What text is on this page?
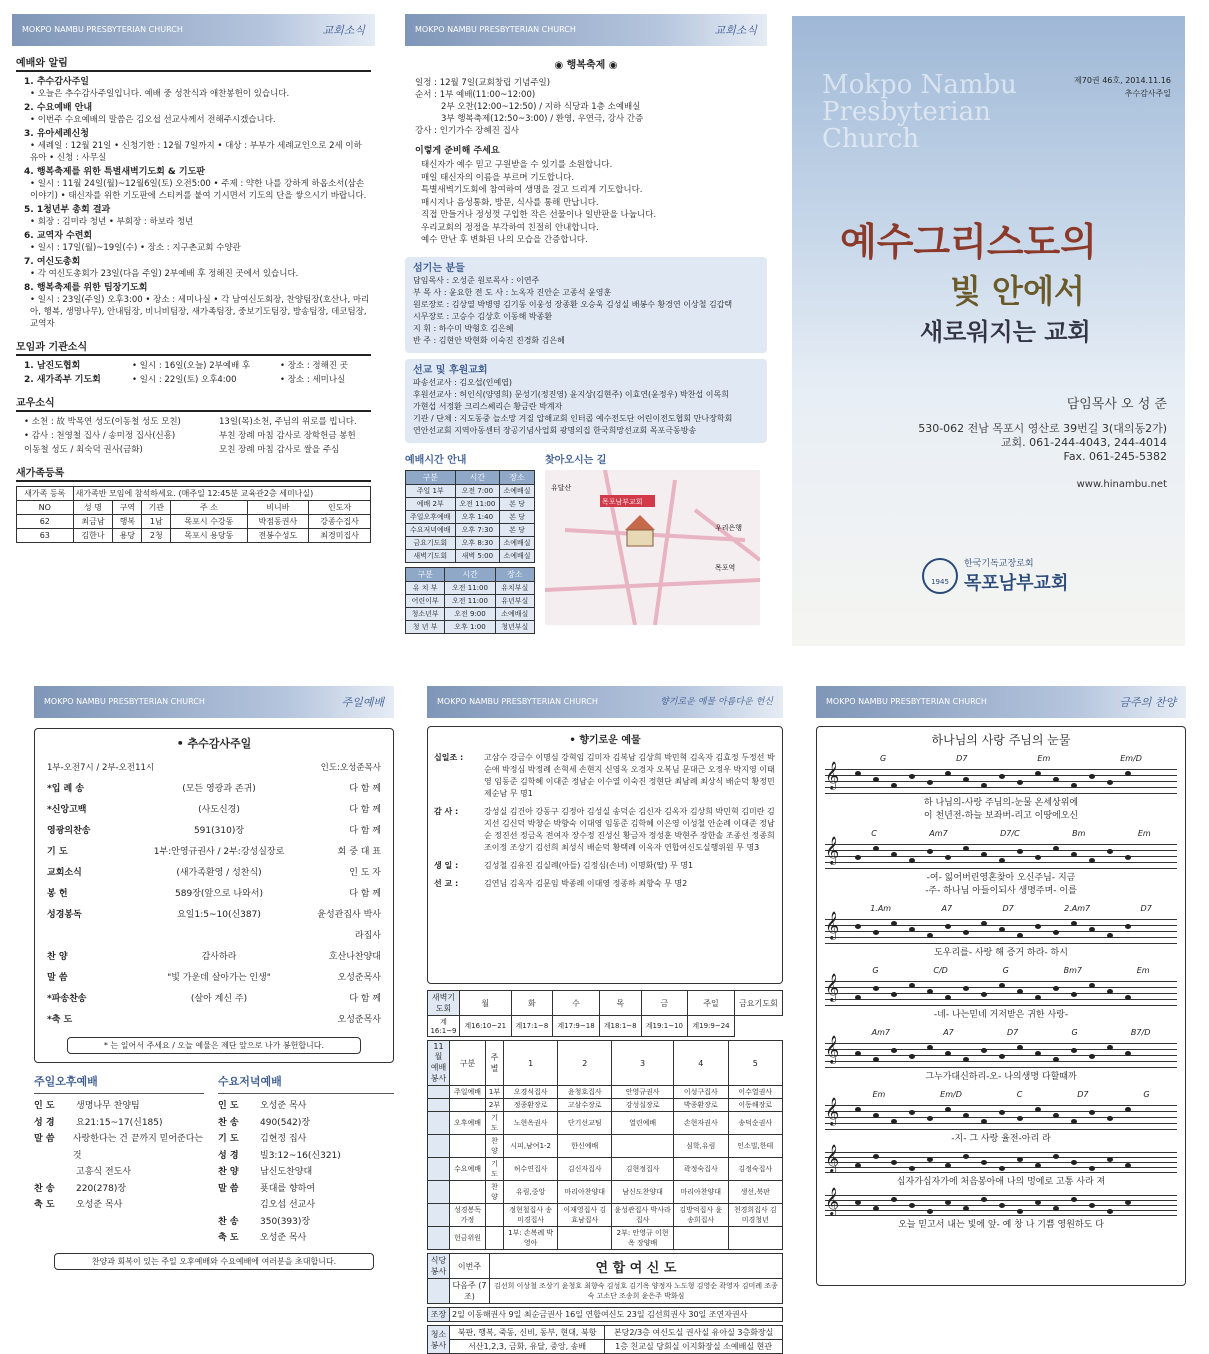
MOKPO NAMBU PRESBYTERIAN CHURCH	교회소식
예배와 알림
1. 추수감사주일
• 오늘은 추수감사주일입니다. 예배 중 성찬식과 애찬봉헌이 있습니다.
2. 수요예배 안내
• 이번주 수요예배의 말씀은 김오섭 선교사께서 전해주시겠습니다.
3. 유아세례신청
• 세례일 : 12월 21일 • 신청기한 : 12월 7일까지 • 대상 : 부부가 세례교인으로 2세 이하 유아 • 신청 : 사무실
4. 행복축제를 위한 특별새벽기도회 & 기도판
• 일시 : 11월 24일(월)~12월6일(토) 오전5:00 • 주제 : 약한 나를 강하게 하옵소서(삼손이야기) • 태신자를 위한 기도판에 스티커를 붙여 기시면서 기도의 단을 쌓으시기 바랍니다.
5. 1청년부 총회 결과
• 회장 : 김미라 청년 • 부회장 : 하보라 청년
6. 교역자 수련회
• 일시 : 17일(월)~19일(수) • 장소 : 지구촌교회 수양관
7. 여신도총회
• 각 여신도총회가 23일(다음 주일) 2부예배 후 정해진 곳에서 있습니다.
8. 행복축제를 위한 팀장기도회
• 일시 : 23일(주일) 오후3:00 • 장소 : 세미나실 • 각 남여신도회장, 찬양팀장(호산나, 마리아, 행복, 생명나무), 안내팀장, 비니비팀장, 새가족팀장, 중보기도팀장, 방송팀장, 데코팀장, 교역자
모임과 기관소식
1. 남진도협회	• 일시 : 16일(오늘) 2부예배 후	• 장소 : 정해진 곳
2. 새가족부 기도회	• 일시 : 22일(토) 오후4:00	• 장소 : 세미나실
교우소식
• 소천 : 故 박목연 성도(이동철 성도 모친)	13일(목)소천, 주님의 위로를 빕니다.
• 감사 : 천영철 집사 / 송미정 집사(신흥)	부친 장례 마침 감사로 장학헌금 봉헌
이동철 성도 / 최숙덕 권사(금화)	모친 장례 마침 감사로 쌀을 주심
새가족등록
새가족 등록	새가족반 모임에 참석하세요. (매주일 12:45분 교육관2층 세미나실)					
NO	성 명	구역	기관	주 소	비니바	인도자
62	최금남	행복	1남	목포시 수강동	박점동권사	강종수집사
63	김한나	용당	2청	목포시 용당동	전봉수성도	최경미집사
MOKPO NAMBU PRESBYTERIAN CHURCH	교회소식
◉ 행복축제 ◉
일정 : 12월 7일(교회창립 기념주일)
순서 : 1부 예배(11:00~12:00)
2부 오찬(12:00~12:50) / 지하 식당과 1층 소예배실
3부 행복축제(12:50~3:00) / 환영, 우연극, 강사 간증
강사 : 인기가수 장혜진 집사
이렇게 준비해 주세요
태신자가 예수 믿고 구원받을 수 있기를 소원합니다.
매일 태신자의 이름을 부르며 기도합니다.
특별새벽기도회에 참여하여 생명을 걸고 드리게 기도합니다.
매시지나 음성통화, 방문, 식사를 통해 만납니다.
직접 만들거나 정성껏 구입한 작은 선물이나 일반판을 나눕니다.
우리교회의 정정을 부각하여 친절히 안내합니다.
예수 만난 후 변화된 나의 모습을 간증합니다.
섬기는 분들
담임목사 : 오성준 원로목사 : 이연주
부 목 사 : 윤요한 전 도 사 : 노옥자 진안순 고종석 윤영훈
원로장로 : 김상열 박병영 김기동 이웅성 장종환 오승욱 김성실 배봉수 황경연 이상철 김갑택
시무장로 : 고승수 김상호 이동해 박종환
지 휘 : 하수미 박형호 김은혜
반 주 : 김현안 박현화 이숙진 진경화 김은혜
선교 및 후원교회
파송선교사 : 김오섭(인예엽)
후원선교사 : 허인식(양영희) 문성기(정진영) 윤지상(김현주) 이효연(윤정우) 박찬섭 이목희
가현섭 서정환 크리스쎄리슨 황금란 박계자
기관 / 단체 : 지도동중 늘소망 겨질 압해교회 인터콥 예수전도단 어린이전도협회 만나장학회
연안선교회 지역아동센터 장공기념사업회 광명의집 한국희망선교회 목포극동방송
예배시간 안내
구분	시간	장소
주일 1부	오전 7:00	소예배실
예배 2부	오전 11:00	본 당
주일오후예배	오후 1:40	본 당
수요저녁예배	오후 7:30	본 당
금요기도회	오후 8:30	소예배실
새벽기도회	새벽 5:00	소예배실
구분	시간	장소
유 치 부	오전 11:00	유치부실
어린이부	오전 11:00	유년부실
청소년부	오전 9:00	소예배실
청 년 부	오후 1:00	청년부실
찾아오시는 길
목포남부교회
유달산
우리은행
목포역
Mokpo Nambu Presbyterian Church
제70권 46호, 2014.11.16
추수감사주일
예수그리스도의
빛 안에서
새로워지는 교회
담임목사 오 성 준
530-062 전남 목포시 영산로 39번길 3(대의동2가)
교회. 061-244-4043, 244-4014
Fax. 061-245-5382
www.hinambu.net
1945
한국기독교장로회
목포남부교회
MOKPO NAMBU PRESBYTERIAN CHURCH	주일예배
• 추수감사주일
1부-오전7시 / 2부-오전11시	인도:오성준목사
*입 례 송	(모든 영광과 존귀)	다 함 께
*신앙고백	(사도신경)	다 함 께
영광의찬송	591(310)장	다 함 께
기 도	1부:안영규권사 / 2부:강성실장로	회 중 대 표
교회소식	(새가족환영 / 성찬식)	인 도 자
봉 헌	589장(앞으로 나와서)	다 함 께
성경봉독	요일1:5~10(신387)	윤성관집사 박사라집사
찬 양	감사하라	호산나찬양대
말 씀	"빛 가운데 살아가는 인생"	오성준목사
*파송찬송	(살아 계신 주)	다 함 께
*축 도	오성준목사
* 는 일어서 주세요 / 오늘 예물은 제단 앞으로 나가 봉헌합니다.
주일오후예배
인 도	생명나무 찬양팀
성 경	요21:15~17(신185)
말 씀	사랑한다는 건 끝까지 믿어준다는 것
고흥식 전도사
찬 송	220(278)장
축 도	오성준 목사
수요저녁예배
인 도	오성준 목사
찬 송	490(542)장
기 도	김현정 집사
성 경	빌3:12~16(신321)
찬 양	남신도찬양대
말 씀	푯대를 향하여
김오섭 선교사
찬 송	350(393)장
축 도	오성준 목사
찬양과 회복이 있는 주일 오후예배와 수요예배에 여러분을 초대합니다.
MOKPO NAMBU PRESBYTERIAN CHURCH	향기로운 예물 아름다운 헌신
• 향기로운 예물
십일조 :	고삼수 강금수 이명심 강혁임 김미자 김복남 김상희 박민혁 김옥자 김효정 두정선 박순애 박정심 박정례 손혁세 손현지 신영옥 오경자 오복님 문대근 오정우 박지영 이태영 임동준 김학혜 이대준 정남순 이수열 이숙진 정현단 최남례 최상식 배순덕 황정민 제순남 무 명1
감 사 :	강성실 김건아 강동구 김정아 김성실 송덕순 김신자 김옥자 김상희 박민혁 김미란 김지선 김신덕 박창순 박향숙 이대영 임동준 김학혜 이은영 이성철 안순례 이대준 정남순 정진선 정금옥 전여자 장수정 진성신 황금자 정성훈 박현주 장한솔 조종선 정종희 조이정 조상기 김선희 최성식 배순덕 황택례 이옥자 연합여신도실행위원 무 명3
생 일 :	김성철 김유진 김실례(아들) 김정심(손녀) 이명화(딸) 무 명1
선 교 :	김연님 김옥자 김문임 박종례 이대영 정종하 최향숙 무 명2
새벽기도회	월	화	수	목	금	주일	금요기도회
계16:1~9	계16:10~21	계17:1~8	계17:9~18	계18:1~8	계19:1~10	계19:9~24	
11월 예배봉사	구분	주별	1	2	3	4	5
	주일예배	1부	오경식집사	윤청호집사	안영규권사	이성구집사	이수열권사
		2부	정종환장로	고삼수장로	강성실장로	박종환장로	이동해장로
	오후예배	기도	노현옥권사	단기선교팀	열린예배	손현자권사	송덕순권사
		찬양	시피,남여1-2	한신예배		심학,유림	인소빌,한테
	수요예배	기도	허수연집사	김신자집사	김현정집사	곽정숙집사	김정숙집사
		찬양	유림,중앙	마리아찬양대	남신도찬양대	마리아찬양대	생선,북판
	성경봉독 가정		정현철집사 송미경집사	이재영집사 김효남집사	윤성관집사 박사라집사	김방억집사 윤송희집사	천경희집사 김미경청년
	헌금위원		1부: 손복례 박영아		2부: 안영규 이현옥 장양배		
식당봉사	이번주	연 합 여 신 도
	다음주 (7조)	김선희 이상철 조상기 윤청호 최향숙 김성호 김기옥 양정자 노도형 김영순 곽영자 김미례 조종숙 고소단 조송희 윤은주 박화심
조장	2일 이동해권사 9일 최순금권사 16일 연합여신도 23일 김선희권사 30일 조연자권사
청소봉사	북판, 행복, 죽동, 신비, 동부, 현대, 북항	본당2/3층 여신도실 권사실 유아실 3층화장실
	서산1,2,3, 금화, 유달, 중앙, 송배	1층 친교실 당회실 이지화장실 소예배실 현관
MOKPO NAMBU PRESBYTERIAN CHURCH	금주의 찬양
하나님의 사랑 주님의 눈물
G	D7	Em	Em/D
𝄞
하 나님의-사랑 주님의-눈물 온세상위에
이 천년전-하늘 보좌버-리고 이땅에오신
C	Am7	D7/C	Bm	Em
𝄞
-여- 잃어버린영혼찾아 오신주님- 지금
-주- 하나님 아들이되사 생명주며- 이를
1.Am	A7	D7	2.Am7	D7
𝄞
도우리를- 사랑 해 증거 하라- 하시
G	C/D	G	Bm7	Em
𝄞
-네- 나는믿네 거저받은 귀한 사랑-
Am7	A7	D7	G	B7/D
𝄞
그누가대신하리-오- 나의생명 다할때까
Em	Em/D	C	D7	G
𝄞
-지- 그 사랑 율전-아리 라
𝄞
십자가십자가에 처음봉아애 나의 멍에로 고통 사라 져
𝄞
오늘 믿고서 내는 빛에 앞- 예 창 나 기쁨 영원하도 다
